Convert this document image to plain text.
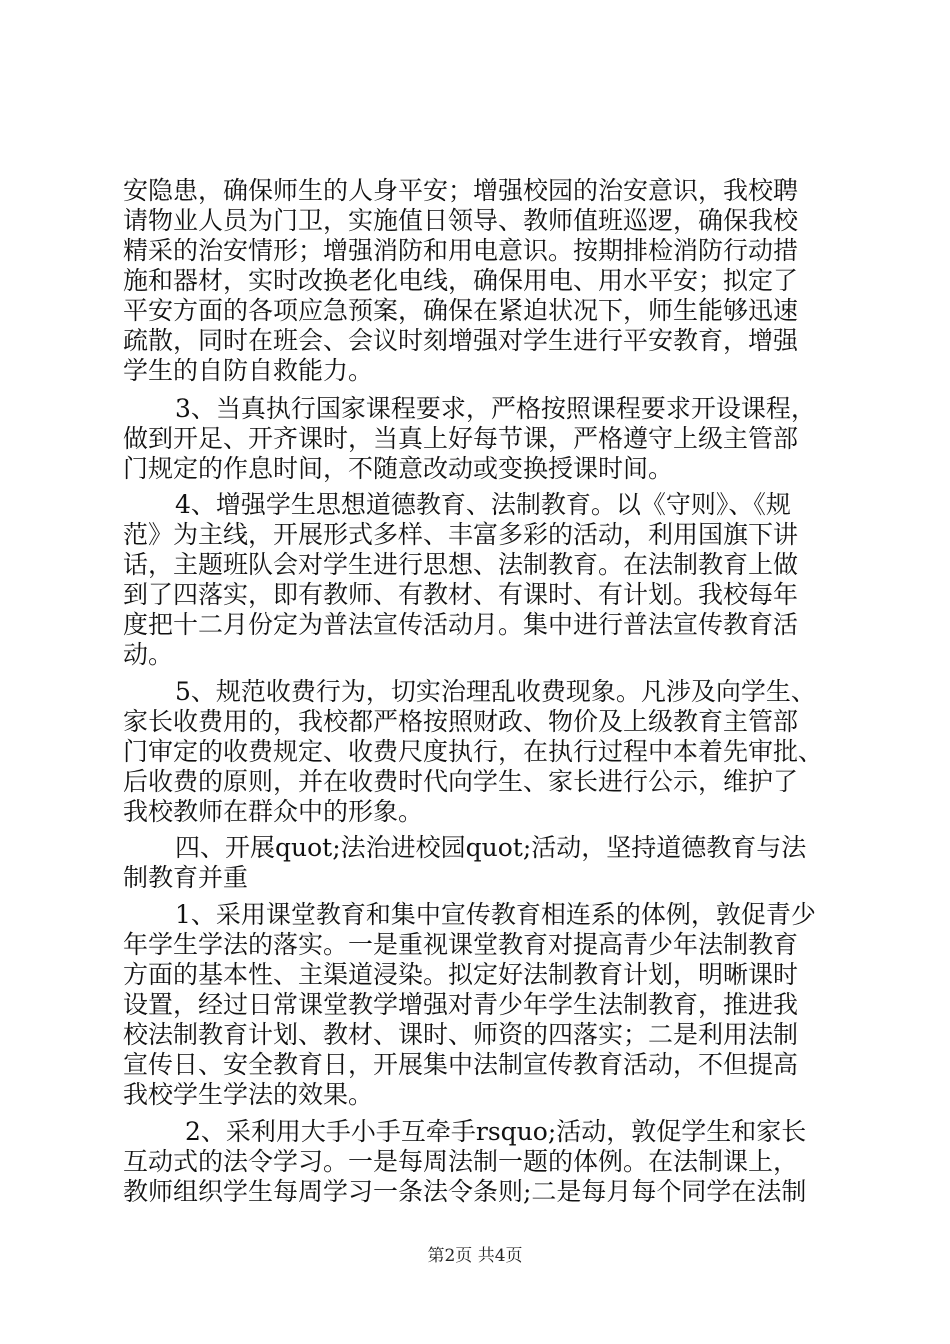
安隐患，确保师生的人身平安；增强校园的治安意识，我校聘
请物业人员为门卫，实施值日领导、教师值班巡逻，确保我校
精采的治安情形；增强消防和用电意识。按期排检消防行动措
施和器材，实时改换老化电线，确保用电、用水平安；拟定了
平安方面的各项应急预案，确保在紧迫状况下，师生能够迅速
疏散，同时在班会、会议时刻增强对学生进行平安教育，增强
学生的自防自救能力。
3、当真执行国家课程要求，严格按照课程要求开设课程，
做到开足、开齐课时，当真上好每节课，严格遵守上级主管部
门规定的作息时间，不随意改动或变换授课时间。
4、增强学生思想道德教育、法制教育。以《守则》、《规
范》为主线，开展形式多样、丰富多彩的活动，利用国旗下讲
话，主题班队会对学生进行思想、法制教育。在法制教育上做
到了四落实，即有教师、有教材、有课时、有计划。我校每年
度把十二月份定为普法宣传活动月。集中进行普法宣传教育活
动。
5、规范收费行为，切实治理乱收费现象。凡涉及向学生、
家长收费用的，我校都严格按照财政、物价及上级教育主管部
门审定的收费规定、收费尺度执行，在执行过程中本着先审批、
后收费的原则，并在收费时代向学生、家长进行公示，维护了
我校教师在群众中的形象。
四、开展quot;法治进校园quot;活动，坚持道德教育与法
制教育并重
1、采用课堂教育和集中宣传教育相连系的体例，敦促青少
年学生学法的落实。一是重视课堂教育对提高青少年法制教育
方面的基本性、主渠道浸染。拟定好法制教育计划，明晰课时
设置，经过日常课堂教学增强对青少年学生法制教育，推进我
校法制教育计划、教材、课时、师资的四落实；二是利用法制
宣传日、安全教育日，开展集中法制宣传教育活动，不但提高
我校学生学法的效果。
2、采利用大手小手互牵手rsquo;活动，敦促学生和家长
互动式的法令学习。一是每周法制一题的体例。在法制课上，
教师组织学生每周学习一条法令条则;二是每月每个同学在法制
第2页 共4页
